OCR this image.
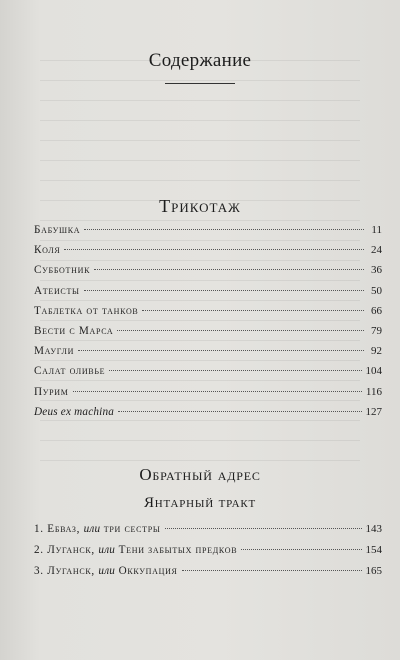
Содержание
Трикотаж
Бабушка	11
Коля	24
Субботник	36
Атеисты	50
Таблетка от танков	66
Вести с Марса	79
Маугли	92
Салат оливье	104
Пурим	116
Deus ex machina	127
Обратный адрес
Янтарный тракт
1. Ебваз, или три сестры	143
2. Луганск, или Тени забытых предков	154
3. Луганск, или Оккупация	165
